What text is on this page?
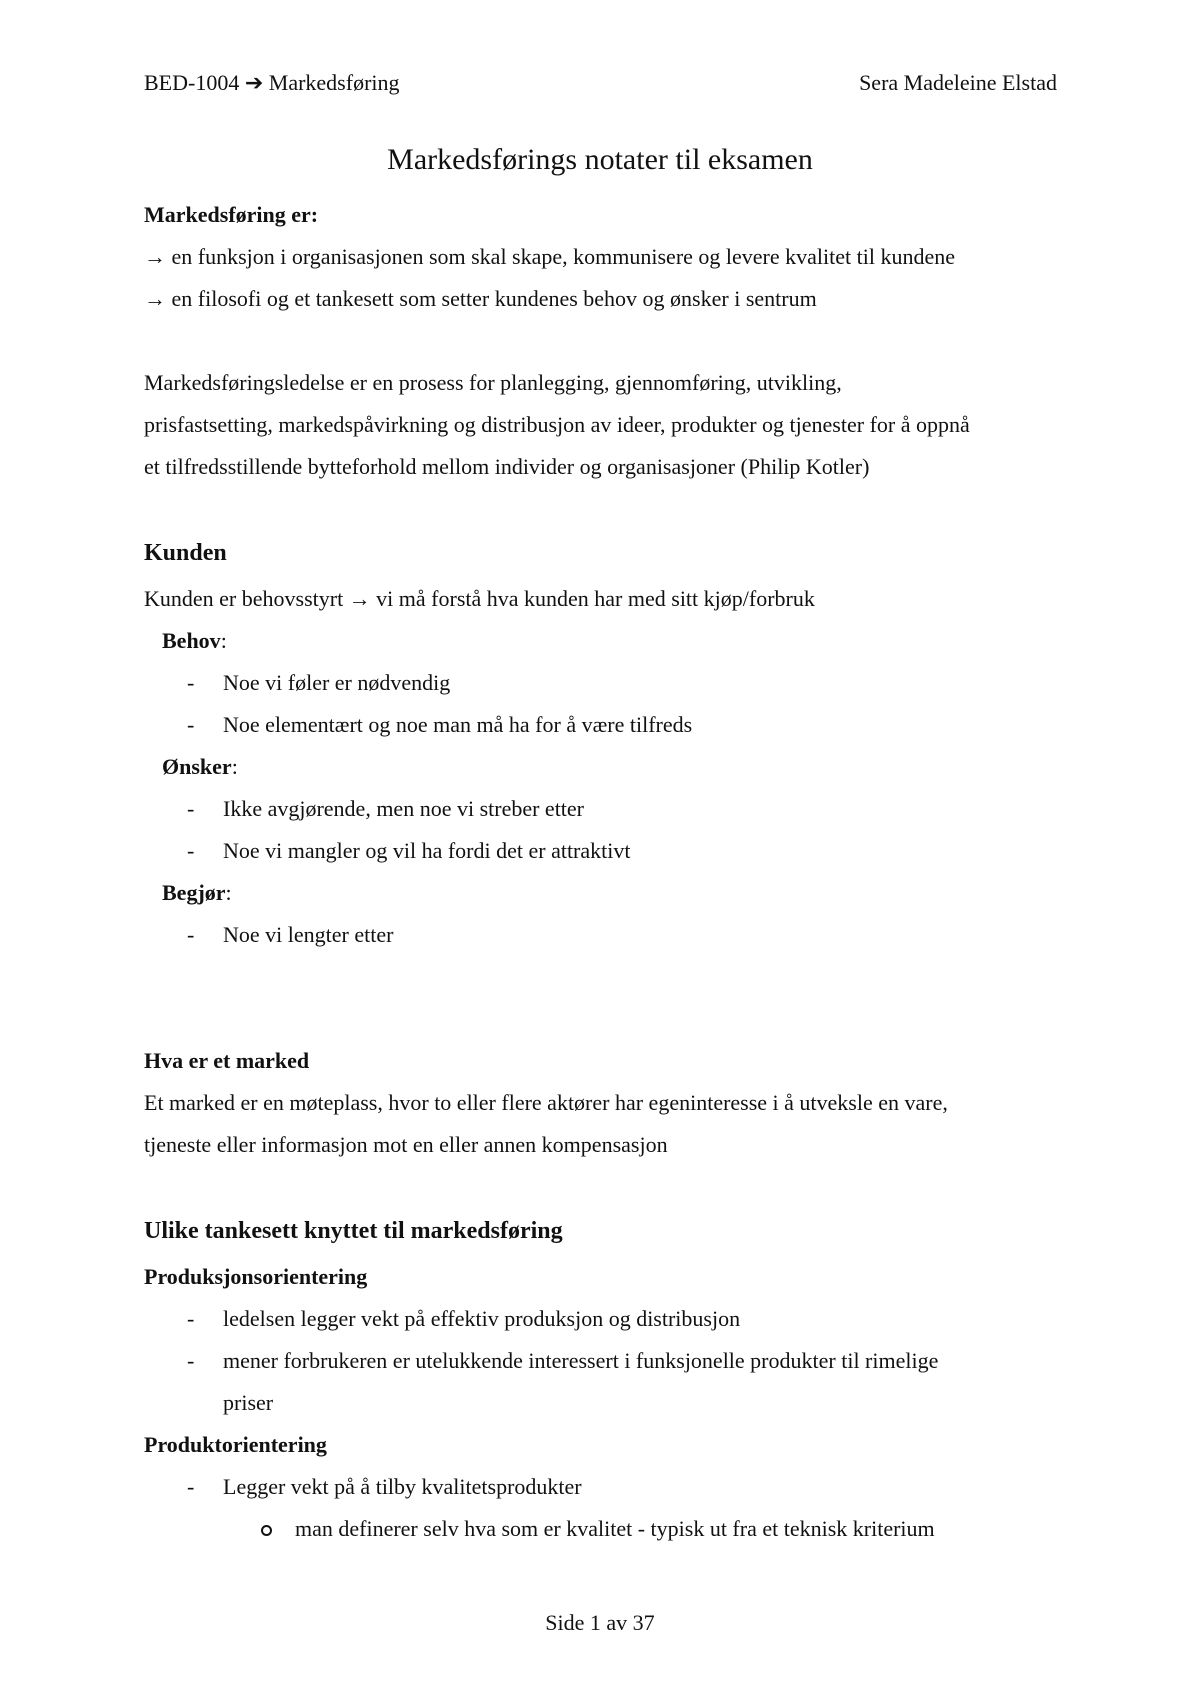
BED-1004 ➔ Markedsføring	Sera Madeleine Elstad
Markedsførings notater til eksamen
Markedsføring er:
→ en funksjon i organisasjonen som skal skape, kommunisere og levere kvalitet til kundene
→ en filosofi og et tankesett som setter kundenes behov og ønsker i sentrum
Markedsføringsledelse er en prosess for planlegging, gjennomføring, utvikling,
prisfastsetting, markedspåvirkning og distribusjon av ideer, produkter og tjenester for å oppnå
et tilfredsstillende bytteforhold mellom individer og organisasjoner (Philip Kotler)
Kunden
Kunden er behovsstyrt → vi må forstå hva kunden har med sitt kjøp/forbruk
Behov:
- Noe vi føler er nødvendig
- Noe elementært og noe man må ha for å være tilfreds
Ønsker:
- Ikke avgjørende, men noe vi streber etter
- Noe vi mangler og vil ha fordi det er attraktivt
Begjør:
- Noe vi lengter etter
Hva er et marked
Et marked er en møteplass, hvor to eller flere aktører har egeninteresse i å utveksle en vare,
tjeneste eller informasjon mot en eller annen kompensasjon
Ulike tankesett knyttet til markedsføring
Produksjonsorientering
- ledelsen legger vekt på effektiv produksjon og distribusjon
- mener forbrukeren er utelukkende interessert i funksjonelle produkter til rimelige
priser
Produktorientering
- Legger vekt på å tilby kvalitetsprodukter
man definerer selv hva som er kvalitet - typisk ut fra et teknisk kriterium
Side 1 av 37
